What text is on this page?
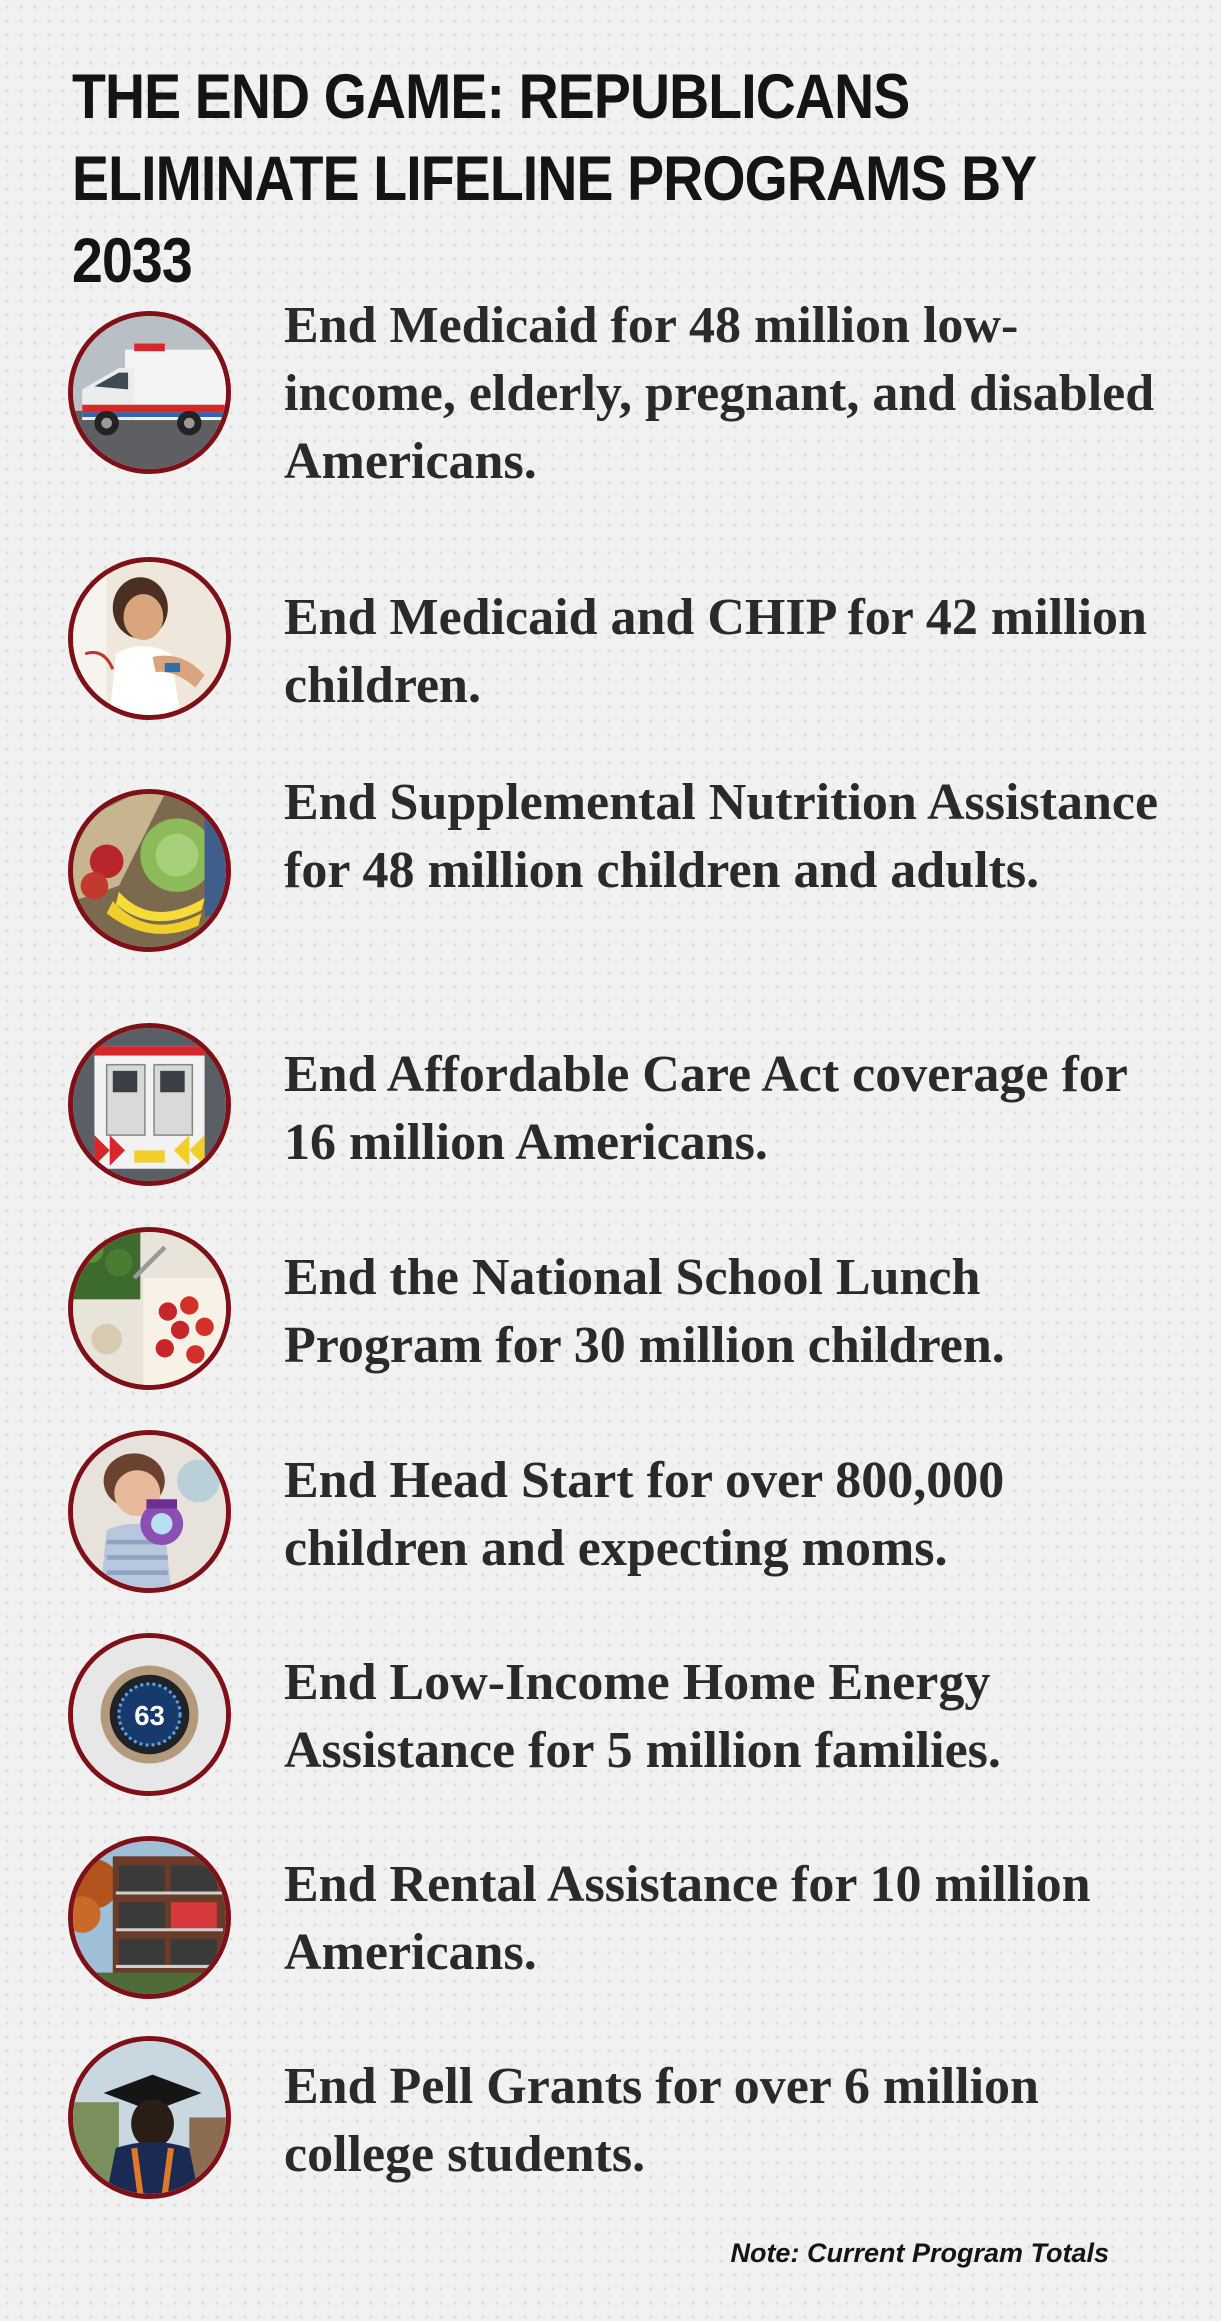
THE END GAME: REPUBLICANS ELIMINATE LIFELINE PROGRAMS BY 2033

End Medicaid for 48 million low-income, elderly, pregnant, and disabled Americans.

End Medicaid and CHIP for 42 million children.

End Supplemental Nutrition Assistance for 48 million children and adults.

End Affordable Care Act coverage for 16 million Americans.

End the National School Lunch Program for 30 million children.

End Head Start for over 800,000 children and expecting moms.

63

End Low-Income Home Energy Assistance for 5 million families.

End Rental Assistance for 10 million Americans.

End Pell Grants for over 6 million college students.

Note: Current Program Totals
